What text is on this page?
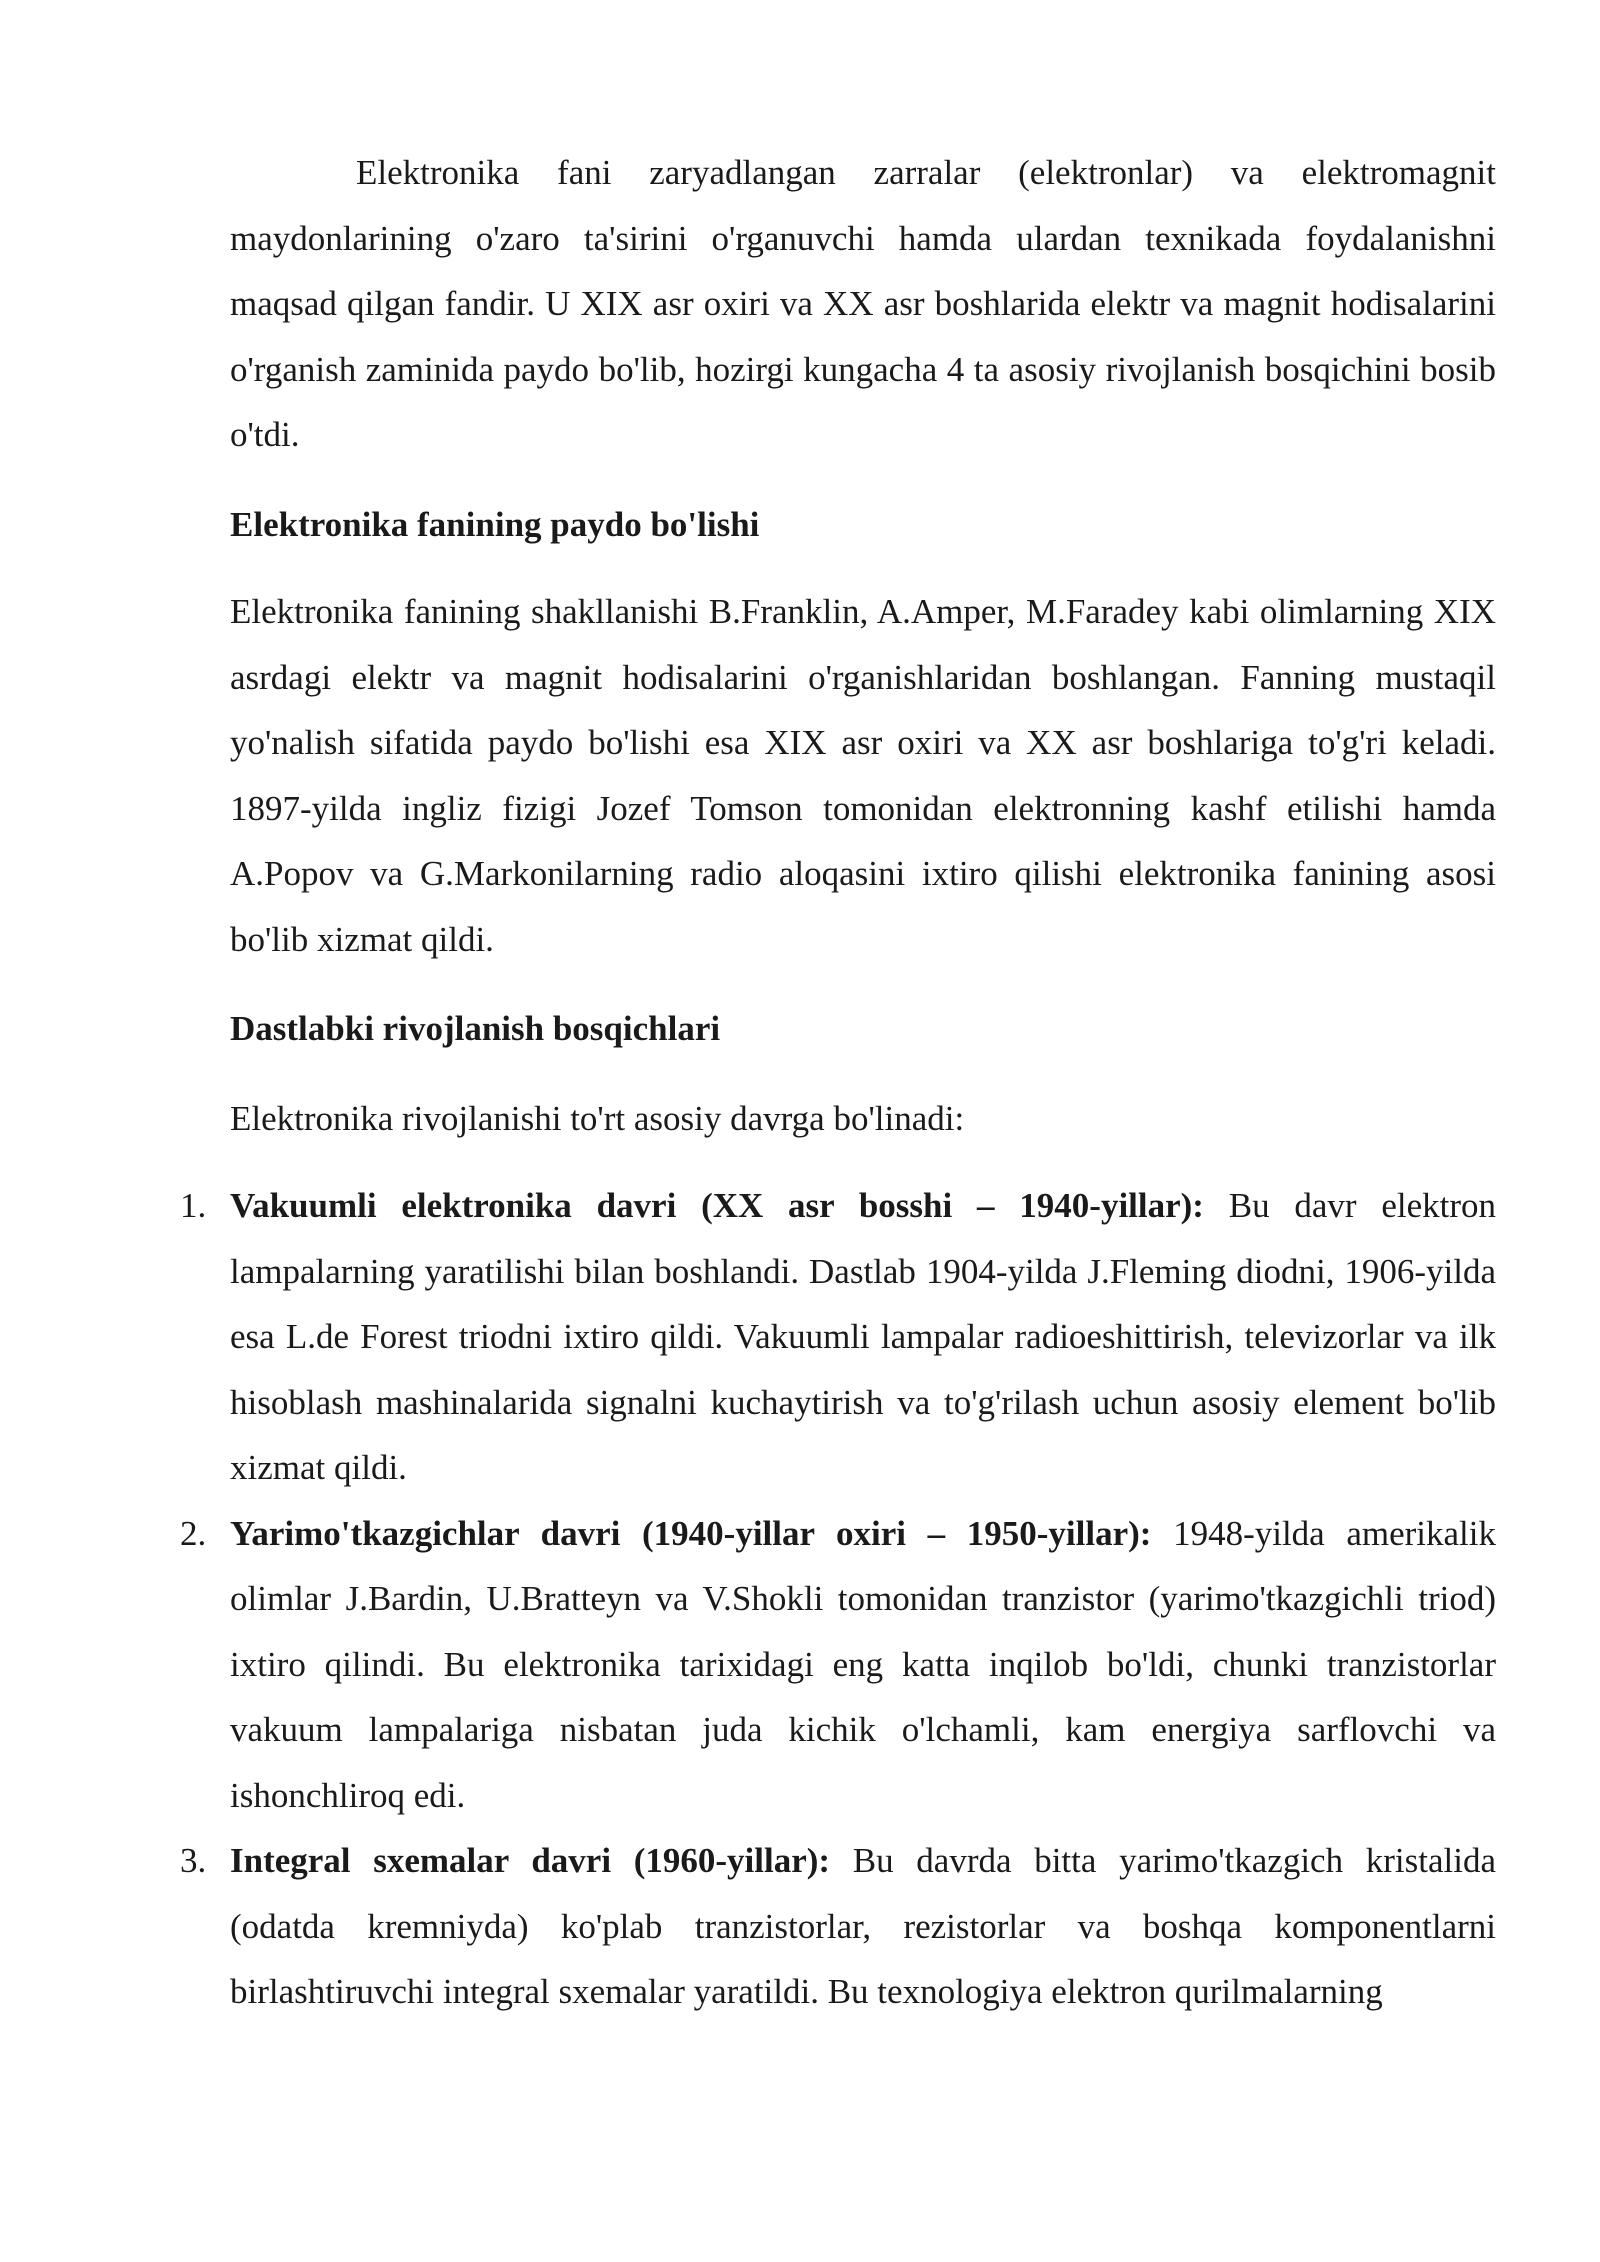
Elektronika fani zaryadlangan zarralar (elektronlar) va elektromagnit maydonlarining o'zaro ta'sirini o'rganuvchi hamda ulardan texnikada foydalanishni maqsad qilgan fandir. U XIX asr oxiri va XX asr boshlarida elektr va magnit hodisalarini o'rganish zaminida paydo bo'lib, hozirgi kungacha 4 ta asosiy rivojlanish bosqichini bosib o'tdi.

Elektronika fanining paydo bo'lishi

Elektronika fanining shakllanishi B.Franklin, A.Amper, M.Faradey kabi olimlarning XIX asrdagi elektr va magnit hodisalarini o'rganishlaridan boshlangan. Fanning mustaqil yo'nalish sifatida paydo bo'lishi esa XIX asr oxiri va XX asr boshlariga to'g'ri keladi. 1897-yilda ingliz fizigi Jozef Tomson tomonidan elektronning kashf etilishi hamda A.Popov va G.Markonilarning radio aloqasini ixtiro qilishi elektronika fanining asosi bo'lib xizmat qildi.

Dastlabki rivojlanish bosqichlari

Elektronika rivojlanishi to'rt asosiy davrga bo'linadi:

1. Vakuumli elektronika davri (XX asr bosshi – 1940-yillar): Bu davr elektron lampalarning yaratilishi bilan boshlandi. Dastlab 1904-yilda J.Fleming diodni, 1906-yilda esa L.de Forest triodni ixtiro qildi. Vakuumli lampalar radioeshittirish, televizorlar va ilk hisoblash mashinalarida signalni kuchaytirish va to'g'rilash uchun asosiy element bo'lib xizmat qildi.
2. Yarimo'tkazgichlar davri (1940-yillar oxiri – 1950-yillar): 1948-yilda amerikalik olimlar J.Bardin, U.Bratteyn va V.Shokli tomonidan tranzistor (yarimo'tkazgichli triod) ixtiro qilindi. Bu elektronika tarixidagi eng katta inqilob bo'ldi, chunki tranzistorlar vakuum lampalariga nisbatan juda kichik o'lchamli, kam energiya sarflovchi va ishonchliroq edi.
3. Integral sxemalar davri (1960-yillar): Bu davrda bitta yarimo'tkazgich kristalida (odatda kremniyda) ko'plab tranzistorlar, rezistorlar va boshqa komponentlarni birlashtiruvchi integral sxemalar yaratildi. Bu texnologiya elektron qurilmalarning
